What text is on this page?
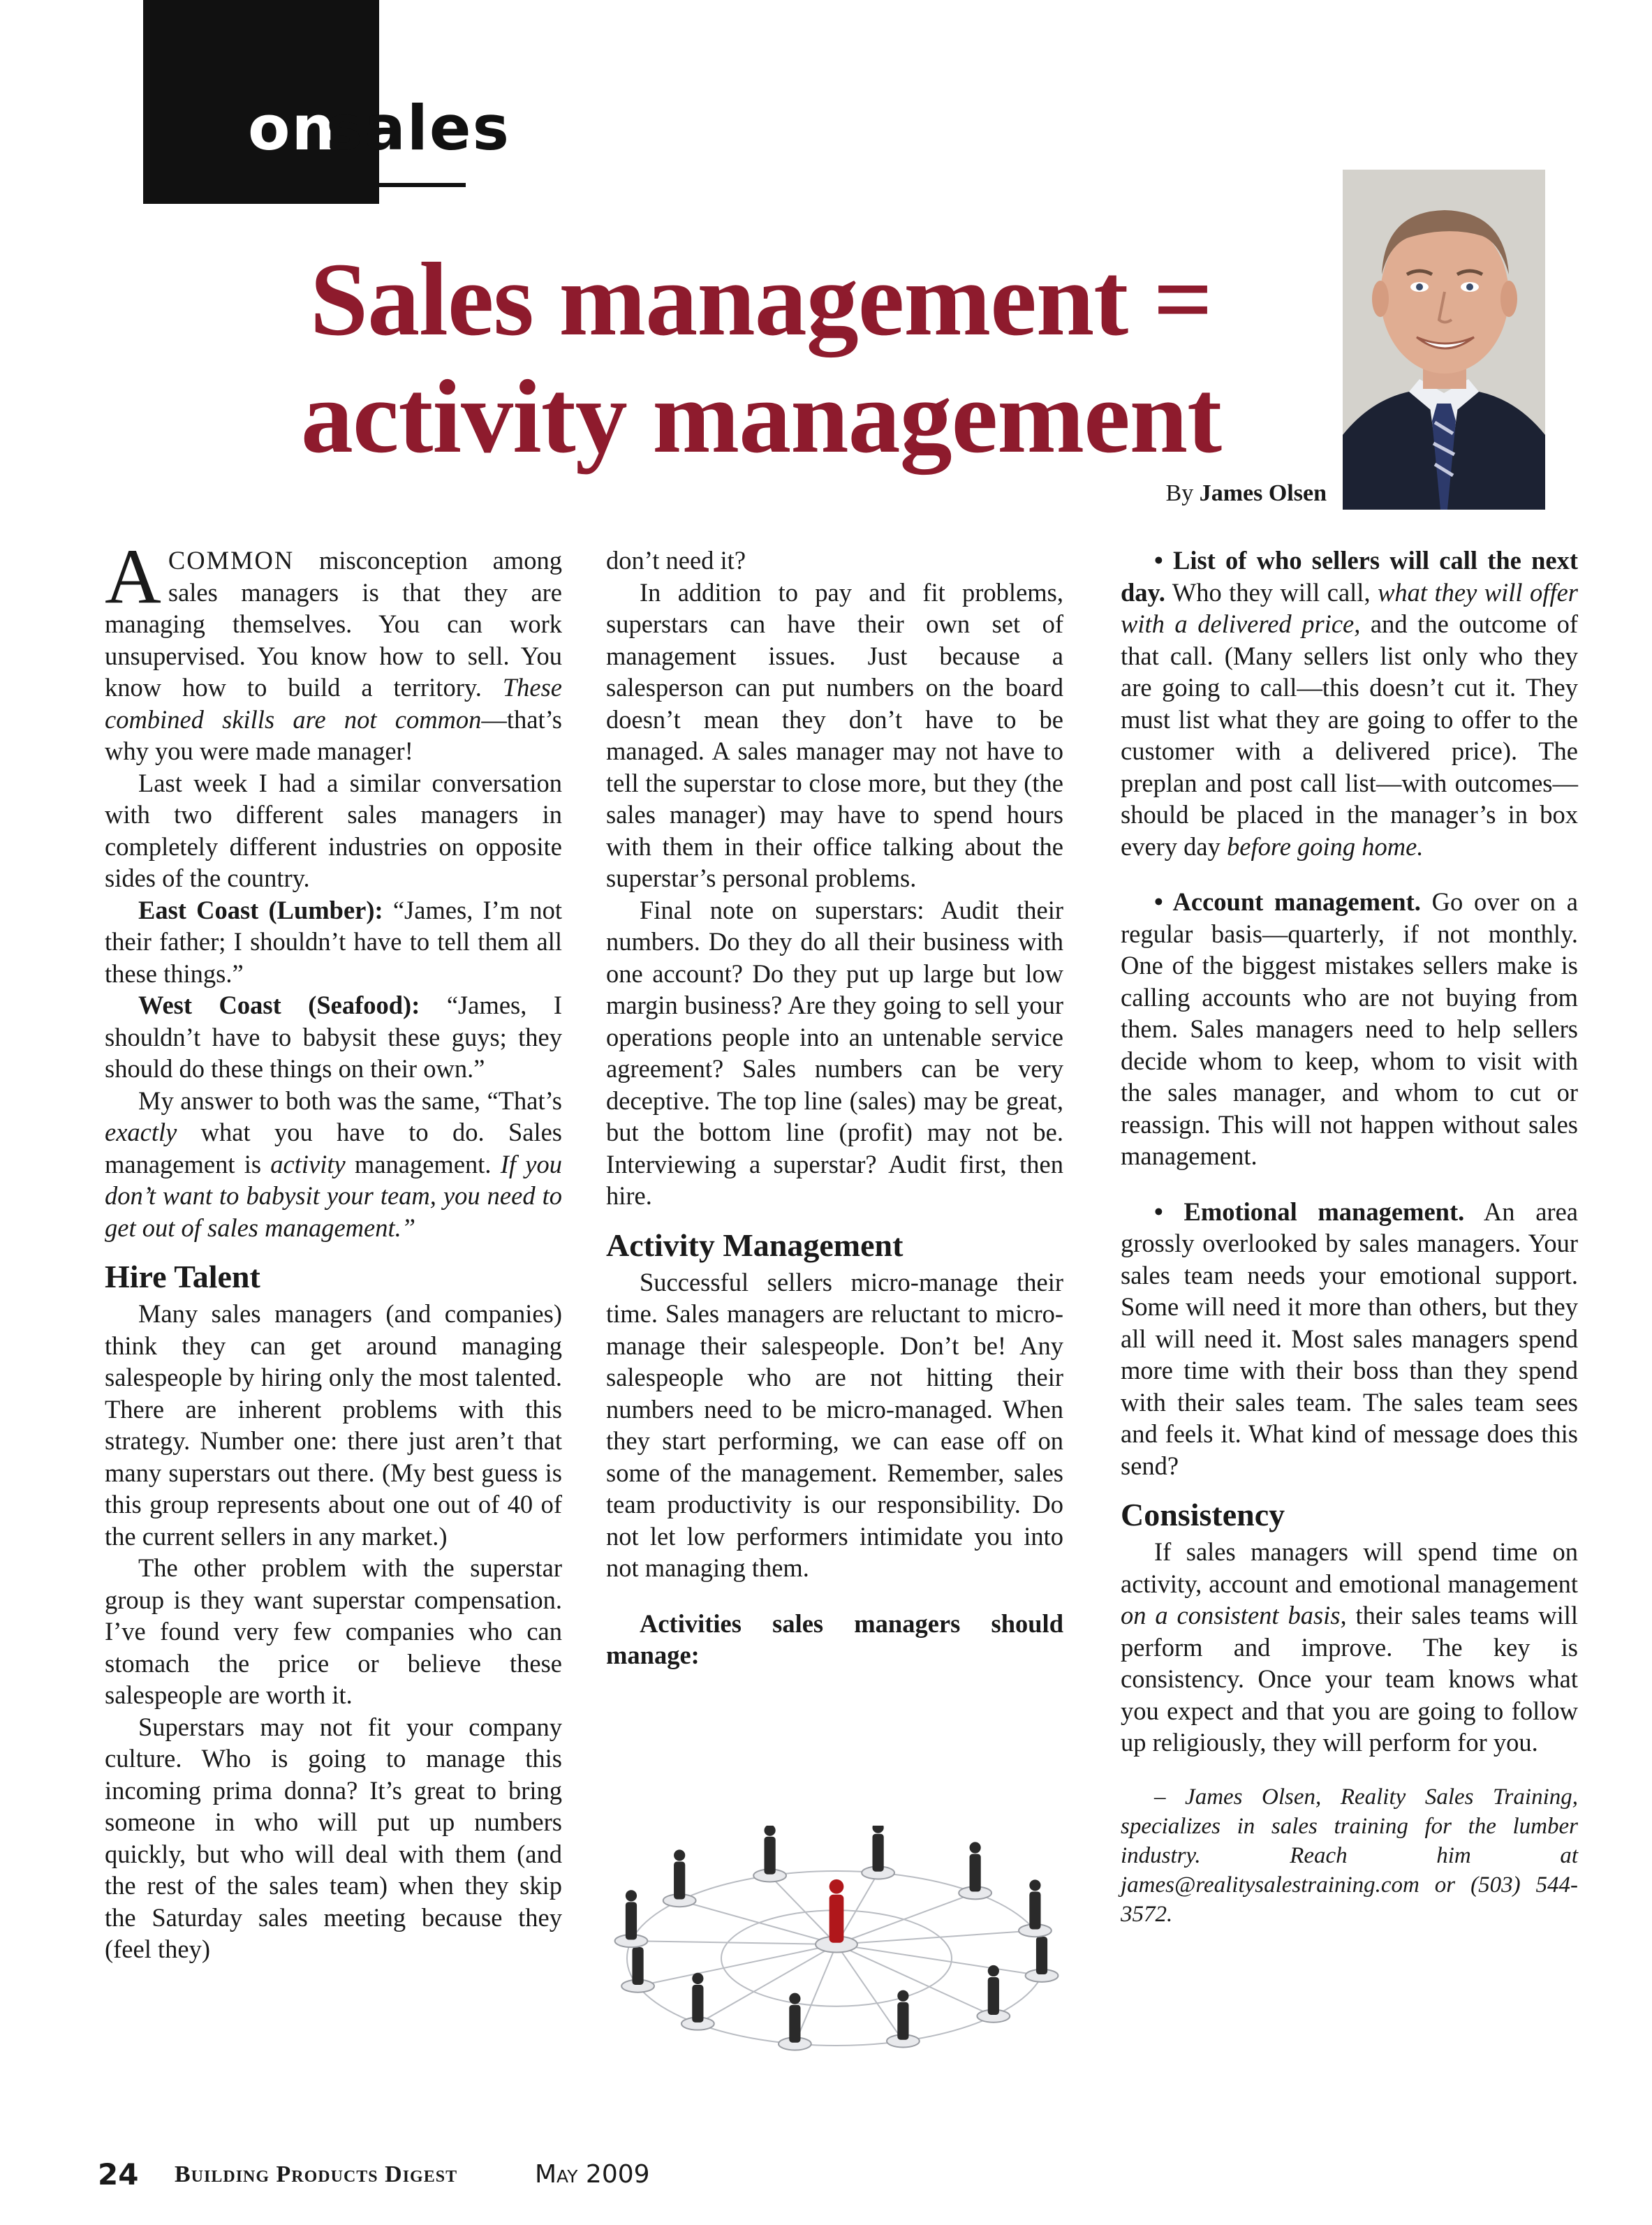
on
sales
Sales management =
activity management
By James Olsen

ACOMMON misconception among sales managers is that they are managing themselves. You can work unsupervised. You know how to sell. You know how to build a territory. These combined skills are not common—that’s why you were made manager!

Last week I had a similar conversation with two different sales managers in completely different industries on opposite sides of the country.

East Coast (Lumber): “James, I’m not their father; I shouldn’t have to tell them all these things.”

West Coast (Seafood): “James, I shouldn’t have to babysit these guys; they should do these things on their own.”

My answer to both was the same, “That’s exactly what you have to do. Sales management is activity management. If you don’t want to babysit your team, you need to get out of sales management.”

Hire Talent

Many sales managers (and companies) think they can get around managing salespeople by hiring only the most talented. There are inherent problems with this strategy. Number one: there just aren’t that many superstars out there. (My best guess is this group represents about one out of 40 of the current sellers in any market.)

The other problem with the superstar group is they want superstar compensation. I’ve found very few companies who can stomach the price or believe these salespeople are worth it.

Superstars may not fit your company culture. Who is going to manage this incoming prima donna? It’s great to bring someone in who will put up numbers quickly, but who will deal with them (and the rest of the sales team) when they skip the Saturday sales meeting because they (feel they)

don’t need it?

In addition to pay and fit problems, superstars can have their own set of management issues. Just because a salesperson can put numbers on the board doesn’t mean they don’t have to be managed. A sales manager may not have to tell the superstar to close more, but they (the sales manager) may have to spend hours with them in their office talking about the superstar’s personal problems.

Final note on superstars: Audit their numbers. Do they do all their business with one account? Do they put up large but low margin business? Are they going to sell your operations people into an untenable service agreement? Sales numbers can be very deceptive. The top line (sales) may be great, but the bottom line (profit) may not be. Interviewing a superstar? Audit first, then hire.

Activity Management

Successful sellers micro-manage their time. Sales managers are reluctant to micro-manage their salespeople. Don’t be! Any salespeople who are not hitting their numbers need to be micro-managed. When they start performing, we can ease off on some of the management. Remember, sales team productivity is our responsibility. Do not let low performers intimidate you into not managing them.

Activities sales managers should manage:

• List of who sellers will call the next day. Who they will call, what they will offer with a delivered price, and the outcome of that call. (Many sellers list only who they are going to call—this doesn’t cut it. They must list what they are going to offer to the customer with a delivered price). The preplan and post call list—with outcomes—should be placed in the manager’s in box every day before going home.

• Account management. Go over on a regular basis—quarterly, if not monthly. One of the biggest mistakes sellers make is calling accounts who are not buying from them. Sales managers need to help sellers decide whom to keep, whom to visit with the sales manager, and whom to cut or reassign. This will not happen without sales management.

• Emotional management. An area grossly overlooked by sales managers. Your sales team needs your emotional support. Some will need it more than others, but they all will need it. Most sales managers spend more time with their boss than they spend with their sales team. The sales team sees and feels it. What kind of message does this send?

Consistency

If sales managers will spend time on activity, account and emotional management on a consistent basis, their sales teams will perform and improve. The key is consistency. Once your team knows what you expect and that you are going to follow up religiously, they will perform for you.

– James Olsen, Reality Sales Training, specializes in sales training for the lumber industry. Reach him at james@realitysalestraining.com or (503) 544-3572.

24 Building Products Digest	May 2009
